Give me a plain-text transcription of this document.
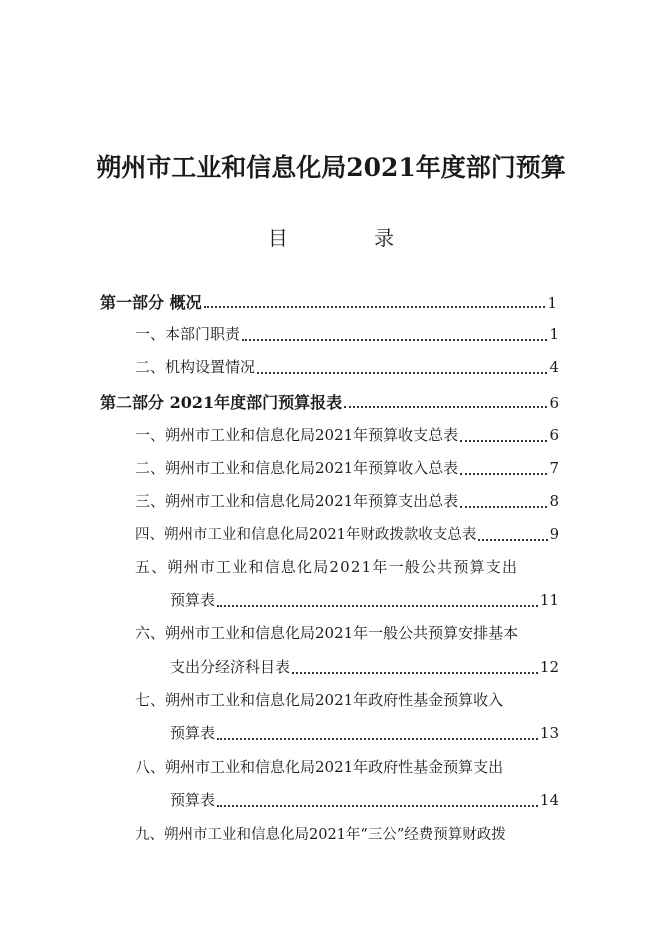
朔州市工业和信息化局2021年度部门预算
目 录
第一部分 概况	1
一、本部门职责	1
二、机构设置情况	4
第二部分 2021年度部门预算报表	6
一、朔州市工业和信息化局2021年预算收支总表	6
二、朔州市工业和信息化局2021年预算收入总表	7
三、朔州市工业和信息化局2021年预算支出总表	8
四、朔州市工业和信息化局2021年财政拨款收支总表	9
五、朔州市工业和信息化局2021年一般公共预算支出
预算表	11
六、朔州市工业和信息化局2021年一般公共预算安排基本
支出分经济科目表	12
七、朔州市工业和信息化局2021年政府性基金预算收入
预算表	13
八、朔州市工业和信息化局2021年政府性基金预算支出
预算表	14
九、朔州市工业和信息化局2021年“三公”经费预算财政拨
